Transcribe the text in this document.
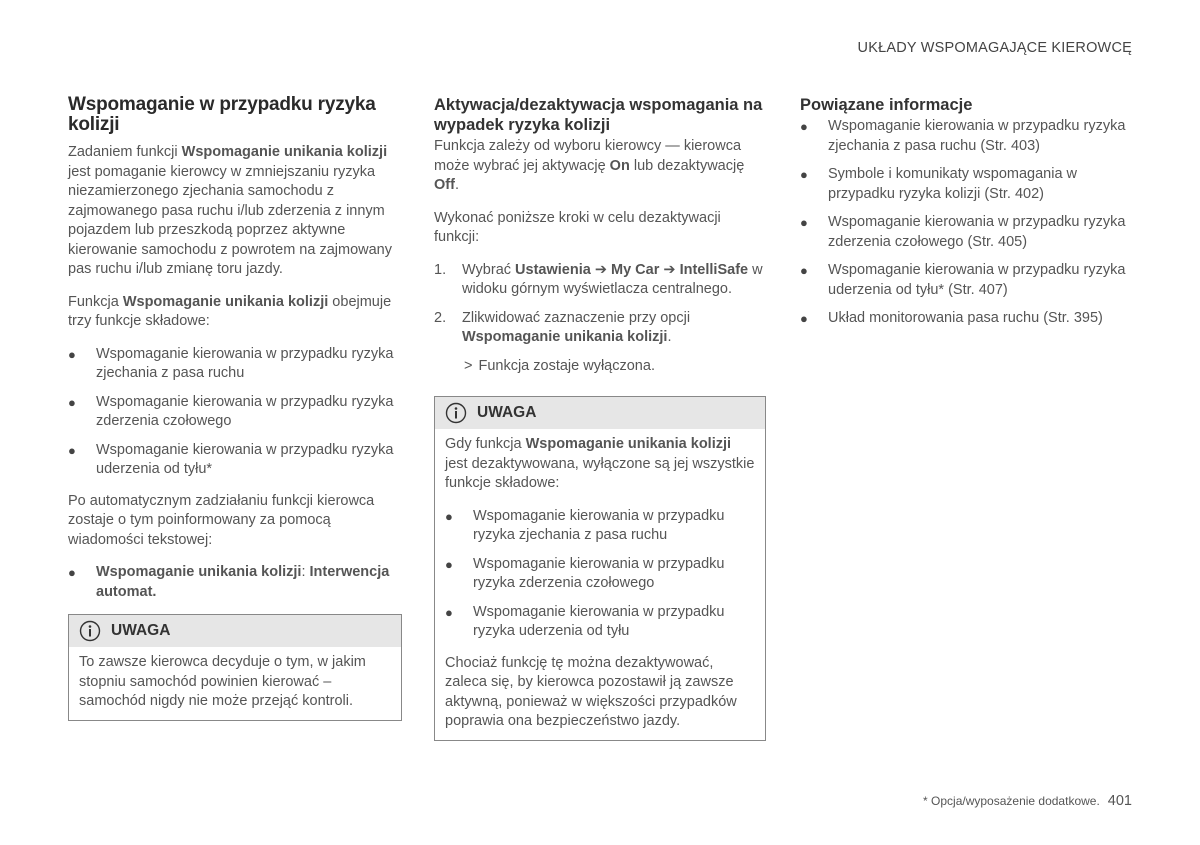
UKŁADY WSPOMAGAJĄCE KIEROWCĘ
Wspomaganie w przypadku ryzyka kolizji

Zadaniem funkcji Wspomaganie unikania kolizji jest pomaganie kierowcy w zmniejszaniu ryzyka niezamierzonego zjechania samochodu z zajmowanego pasa ruchu i/lub zderzenia z innym pojazdem lub przeszkodą poprzez aktywne kierowanie samochodu z powrotem na zajmowany pas ruchu i/lub zmianę toru jazdy.

Funkcja Wspomaganie unikania kolizji obejmuje trzy funkcje składowe:

● Wspomaganie kierowania w przypadku ryzyka zjechania z pasa ruchu
● Wspomaganie kierowania w przypadku ryzyka zderzenia czołowego
● Wspomaganie kierowania w przypadku ryzyka uderzenia od tyłu*

Po automatycznym zadziałaniu funkcji kierowca zostaje o tym poinformowany za pomocą wiadomości tekstowej:

● Wspomaganie unikania kolizji: Interwencja automat.
UWAGA
To zawsze kierowca decyduje o tym, w jakim stopniu samochód powinien kierować – samochód nigdy nie może przejąć kontroli.
Aktywacja/dezaktywacja wspomagania na wypadek ryzyka kolizji

Funkcja zależy od wyboru kierowcy — kierowca może wybrać jej aktywację On lub dezaktywację Off.

Wykonać poniższe kroki w celu dezaktywacji funkcji:

1. Wybrać Ustawienia ➔ My Car ➔ IntelliSafe w widoku górnym wyświetlacza centralnego.
2. Zlikwidować zaznaczenie przy opcji Wspomaganie unikania kolizji.
> Funkcja zostaje wyłączona.
UWAGA

Gdy funkcja Wspomaganie unikania kolizji jest dezaktywowana, wyłączone są jej wszystkie funkcje składowe:

● Wspomaganie kierowania w przypadku ryzyka zjechania z pasa ruchu
● Wspomaganie kierowania w przypadku ryzyka zderzenia czołowego
● Wspomaganie kierowania w przypadku ryzyka uderzenia od tyłu

Chociaż funkcję tę można dezaktywować, zaleca się, by kierowca pozostawił ją zawsze aktywną, ponieważ w większości przypadków poprawia ona bezpieczeństwo jazdy.

Powiązane informacje
● Wspomaganie kierowania w przypadku ryzyka zjechania z pasa ruchu (Str. 403)
● Symbole i komunikaty wspomagania w przypadku ryzyka kolizji (Str. 402)
● Wspomaganie kierowania w przypadku ryzyka zderzenia czołowego (Str. 405)
● Wspomaganie kierowania w przypadku ryzyka uderzenia od tyłu* (Str. 407)
● Układ monitorowania pasa ruchu (Str. 395)
* Opcja/wyposażenie dodatkowe. 401
